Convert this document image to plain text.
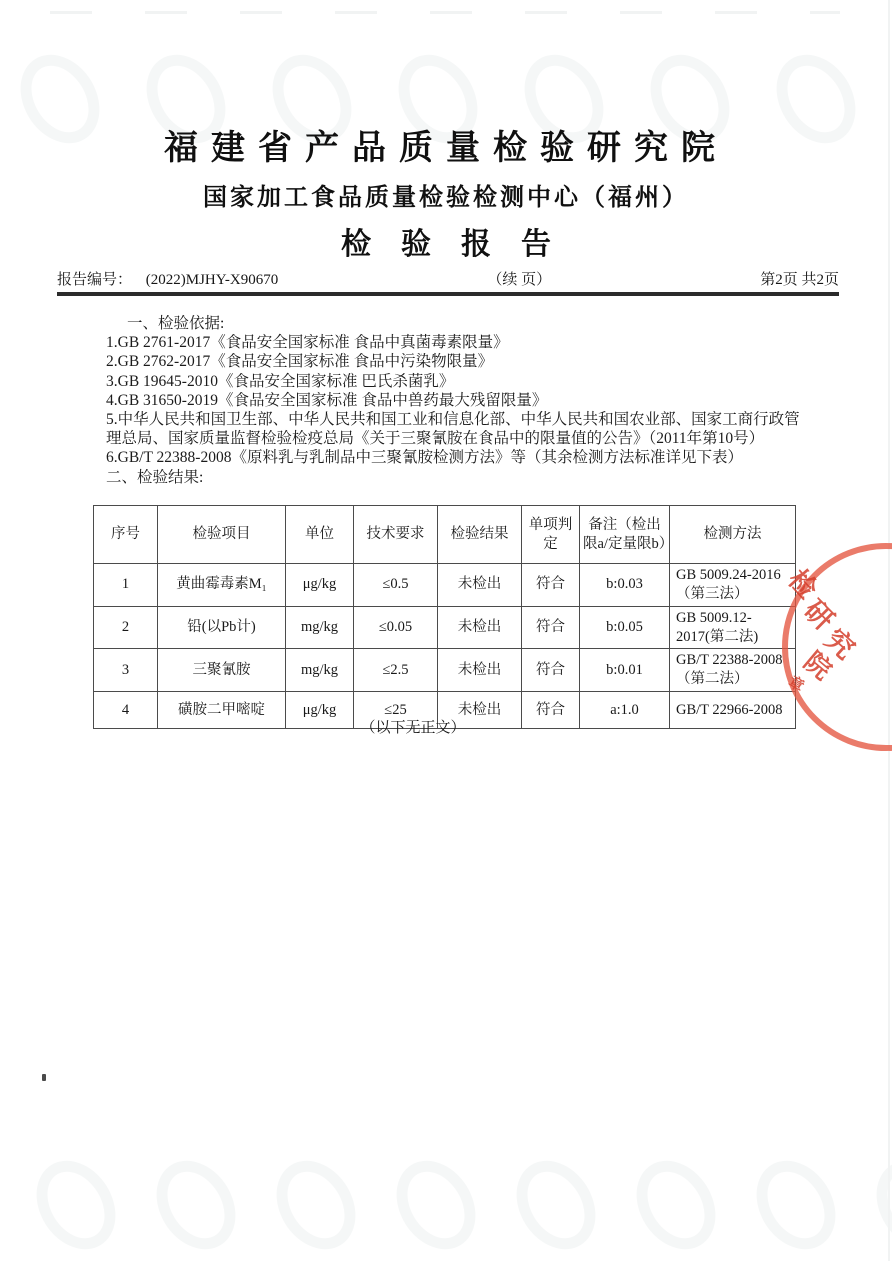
福建省产品质量检验研究院
国家加工食品质量检验检测中心（福州）
检验报告
报告编号： (2022)MJHY-X90670	（续 页）	第2页 共2页
一、检验依据:
1.GB 2761-2017《食品安全国家标准 食品中真菌毒素限量》
2.GB 2762-2017《食品安全国家标准 食品中污染物限量》
3.GB 19645-2010《食品安全国家标准 巴氏杀菌乳》
4.GB 31650-2019《食品安全国家标准 食品中兽药最大残留限量》
5.中华人民共和国卫生部、中华人民共和国工业和信息化部、中华人民共和国农业部、国家工商行政管理总局、国家质量监督检验检疫总局《关于三聚氰胺在食品中的限量值的公告》（2011年第10号）
6.GB/T 22388-2008《原料乳与乳制品中三聚氰胺检测方法》等（其余检测方法标准详见下表）
二、检验结果:
序号	检验项目	单位	技术要求	检验结果	单项判定	备注（检出限a/定量限b）	检测方法
1	黄曲霉毒素M₁	μg/kg	≤0.5	未检出	符合	b:0.03	GB 5009.24-2016（第三法）
2	铅(以Pb计)	mg/kg	≤0.05	未检出	符合	b:0.05	GB 5009.12-2017(第二法)
3	三聚氰胺	mg/kg	≤2.5	未检出	符合	b:0.01	GB/T 22388-2008（第二法）
4	磺胺二甲嘧啶	μg/kg	≤25	未检出	符合	a:1.0	GB/T 22966-2008
（以下无正文）
检
研
究
院
章
